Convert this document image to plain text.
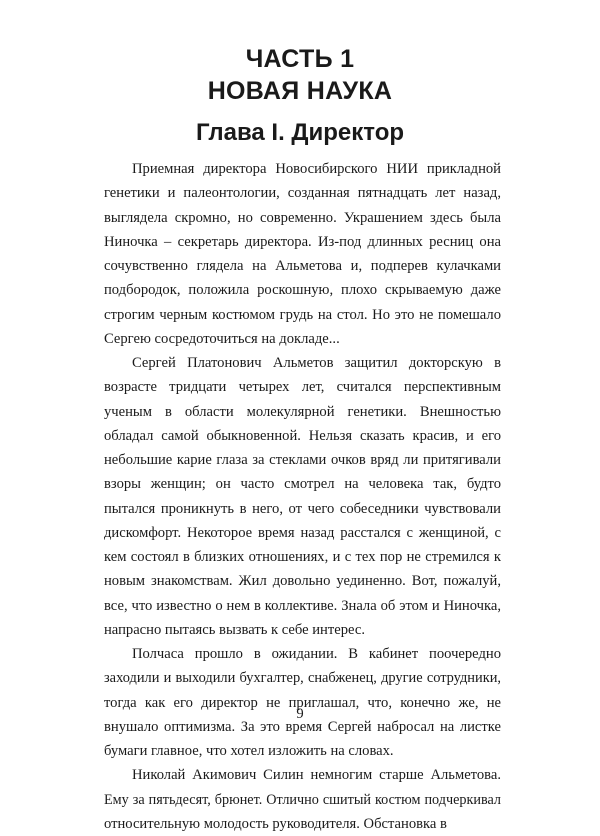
ЧАСТЬ 1
НОВАЯ НАУКА
Глава I. Директор

Приемная директора Новосибирского НИИ прикладной
генетики и палеонтологии, созданная пятнадцать лет назад,
выглядела скромно, но современно. Украшением здесь была
Ниночка – секретарь директора. Из-под длинных ресниц она
сочувственно глядела на Альметова и, подперев кулачками
подбородок, положила роскошную, плохо скрываемую даже
строгим черным костюмом грудь на стол. Но это не помешало
Сергею сосредоточиться на докладе...

Сергей Платонович Альметов защитил докторскую в
возрасте тридцати четырех лет, считался перспективным
ученым в области молекулярной генетики. Внешностью
обладал самой обыкновенной. Нельзя сказать красив, и его
небольшие карие глаза за стеклами очков вряд ли притягивали
взоры женщин; он часто смотрел на человека так, будто
пытался проникнуть в него, от чего собеседники чувствовали
дискомфорт. Некоторое время назад расстался с женщиной, с
кем состоял в близких отношениях, и с тех пор не стремился к
новым знакомствам. Жил довольно уединенно. Вот, пожалуй,
все, что известно о нем в коллективе. Знала об этом и Ниночка,
напрасно пытаясь вызвать к себе интерес.

Полчаса прошло в ожидании. В кабинет поочередно
заходили и выходили бухгалтер, снабженец, другие сотрудники,
тогда как его директор не приглашал, что, конечно же, не
внушало оптимизма. За это время Сергей набросал на листке
бумаги главное, что хотел изложить на словах.

Николай Акимович Силин немногим старше Альметова.
Ему за пятьдесят, брюнет. Отлично сшитый костюм подчеркивал
относительную молодость руководителя. Обстановка в

9
